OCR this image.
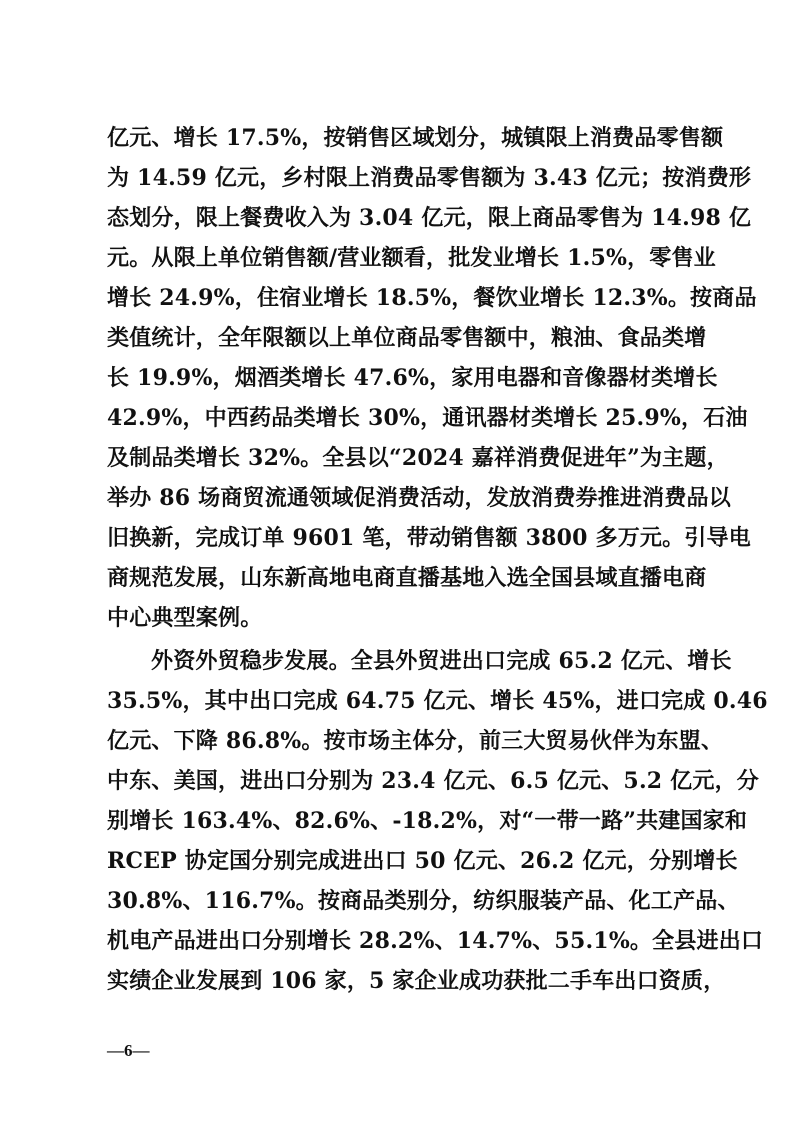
亿元、增长 17.5%，按销售区域划分，城镇限上消费品零售额
为 14.59 亿元，乡村限上消费品零售额为 3.43 亿元；按消费形
态划分，限上餐费收入为 3.04 亿元，限上商品零售为 14.98 亿
元。从限上单位销售额/营业额看，批发业增长 1.5%，零售业
增长 24.9%，住宿业增长 18.5%，餐饮业增长 12.3%。按商品
类值统计，全年限额以上单位商品零售额中，粮油、食品类增
长 19.9%，烟酒类增长 47.6%，家用电器和音像器材类增长
42.9%，中西药品类增长 30%，通讯器材类增长 25.9%，石油
及制品类增长 32%。全县以“2024 嘉祥消费促进年”为主题，
举办 86 场商贸流通领域促消费活动，发放消费券推进消费品以
旧换新，完成订单 9601 笔，带动销售额 3800 多万元。引导电
商规范发展，山东新高地电商直播基地入选全国县域直播电商
中心典型案例。
外资外贸稳步发展。全县外贸进出口完成 65.2 亿元、增长
35.5%，其中出口完成 64.75 亿元、增长 45%，进口完成 0.46
亿元、下降 86.8%。按市场主体分，前三大贸易伙伴为东盟、
中东、美国，进出口分别为 23.4 亿元、6.5 亿元、5.2 亿元，分
别增长 163.4%、82.6%、-18.2%，对“一带一路”共建国家和
RCEP 协定国分别完成进出口 50 亿元、26.2 亿元，分别增长
30.8%、116.7%。按商品类别分，纺织服装产品、化工产品、
机电产品进出口分别增长 28.2%、14.7%、55.1%。全县进出口
实绩企业发展到 106 家，5 家企业成功获批二手车出口资质，
—6—
